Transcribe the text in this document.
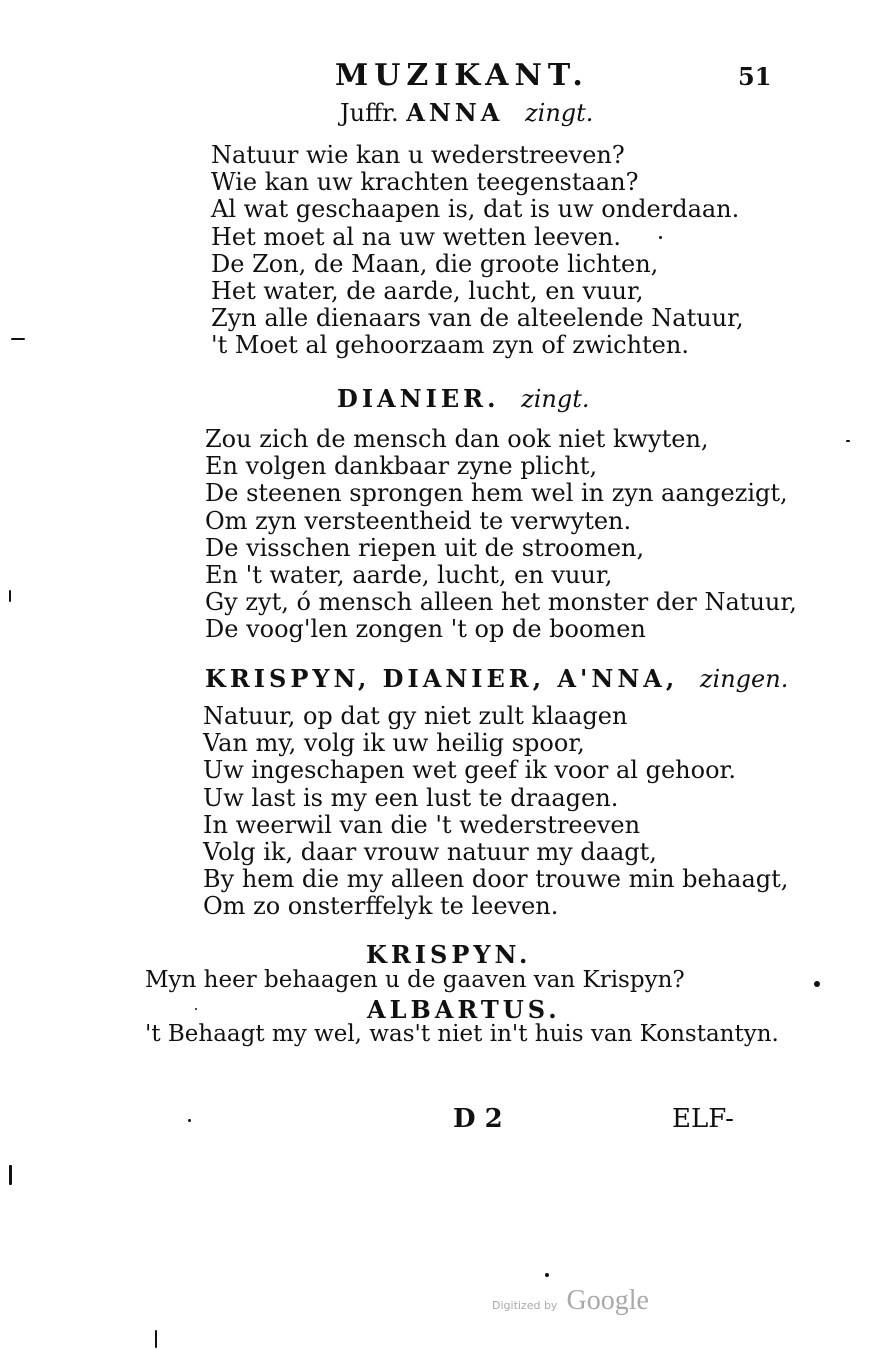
MUZIKANT.	51
Juffr. ANNA zingt.
Natuur wie kan u wederstreeven?
Wie kan uw krachten teegenstaan?
Al wat geschaapen is, dat is uw onderdaan.
Het moet al na uw wetten leeven.
De Zon, de Maan, die groote lichten,
Het water, de aarde, lucht, en vuur,
Zyn alle dienaars van de alteelende Natuur,
't Moet al gehoorzaam zyn of zwichten.
DIANIER. zingt.
Zou zich de mensch dan ook niet kwyten,
En volgen dankbaar zyne plicht,
De steenen sprongen hem wel in zyn aangezigt,
Om zyn versteentheid te verwyten.
De visschen riepen uit de stroomen,
En 't water, aarde, lucht, en vuur,
Gy zyt, ó mensch alleen het monster der Natuur,
De voog'len zongen 't op de boomen
KRISPYN, DIANIER, A'NNA, zingen.
Natuur, op dat gy niet zult klaagen
Van my, volg ik uw heilig spoor,
Uw ingeschapen wet geef ik voor al gehoor.
Uw last is my een lust te draagen.
In weerwil van die 't wederstreeven
Volg ik, daar vrouw natuur my daagt,
By hem die my alleen door trouwe min behaagt,
Om zo onsterffelyk te leeven.
KRISPYN.
Myn heer behaagen u de gaaven van Krispyn?
ALBARTUS.
't Behaagt my wel, was't niet in't huis van Konstantyn.
D 2	ELF-
Digitized by Google
